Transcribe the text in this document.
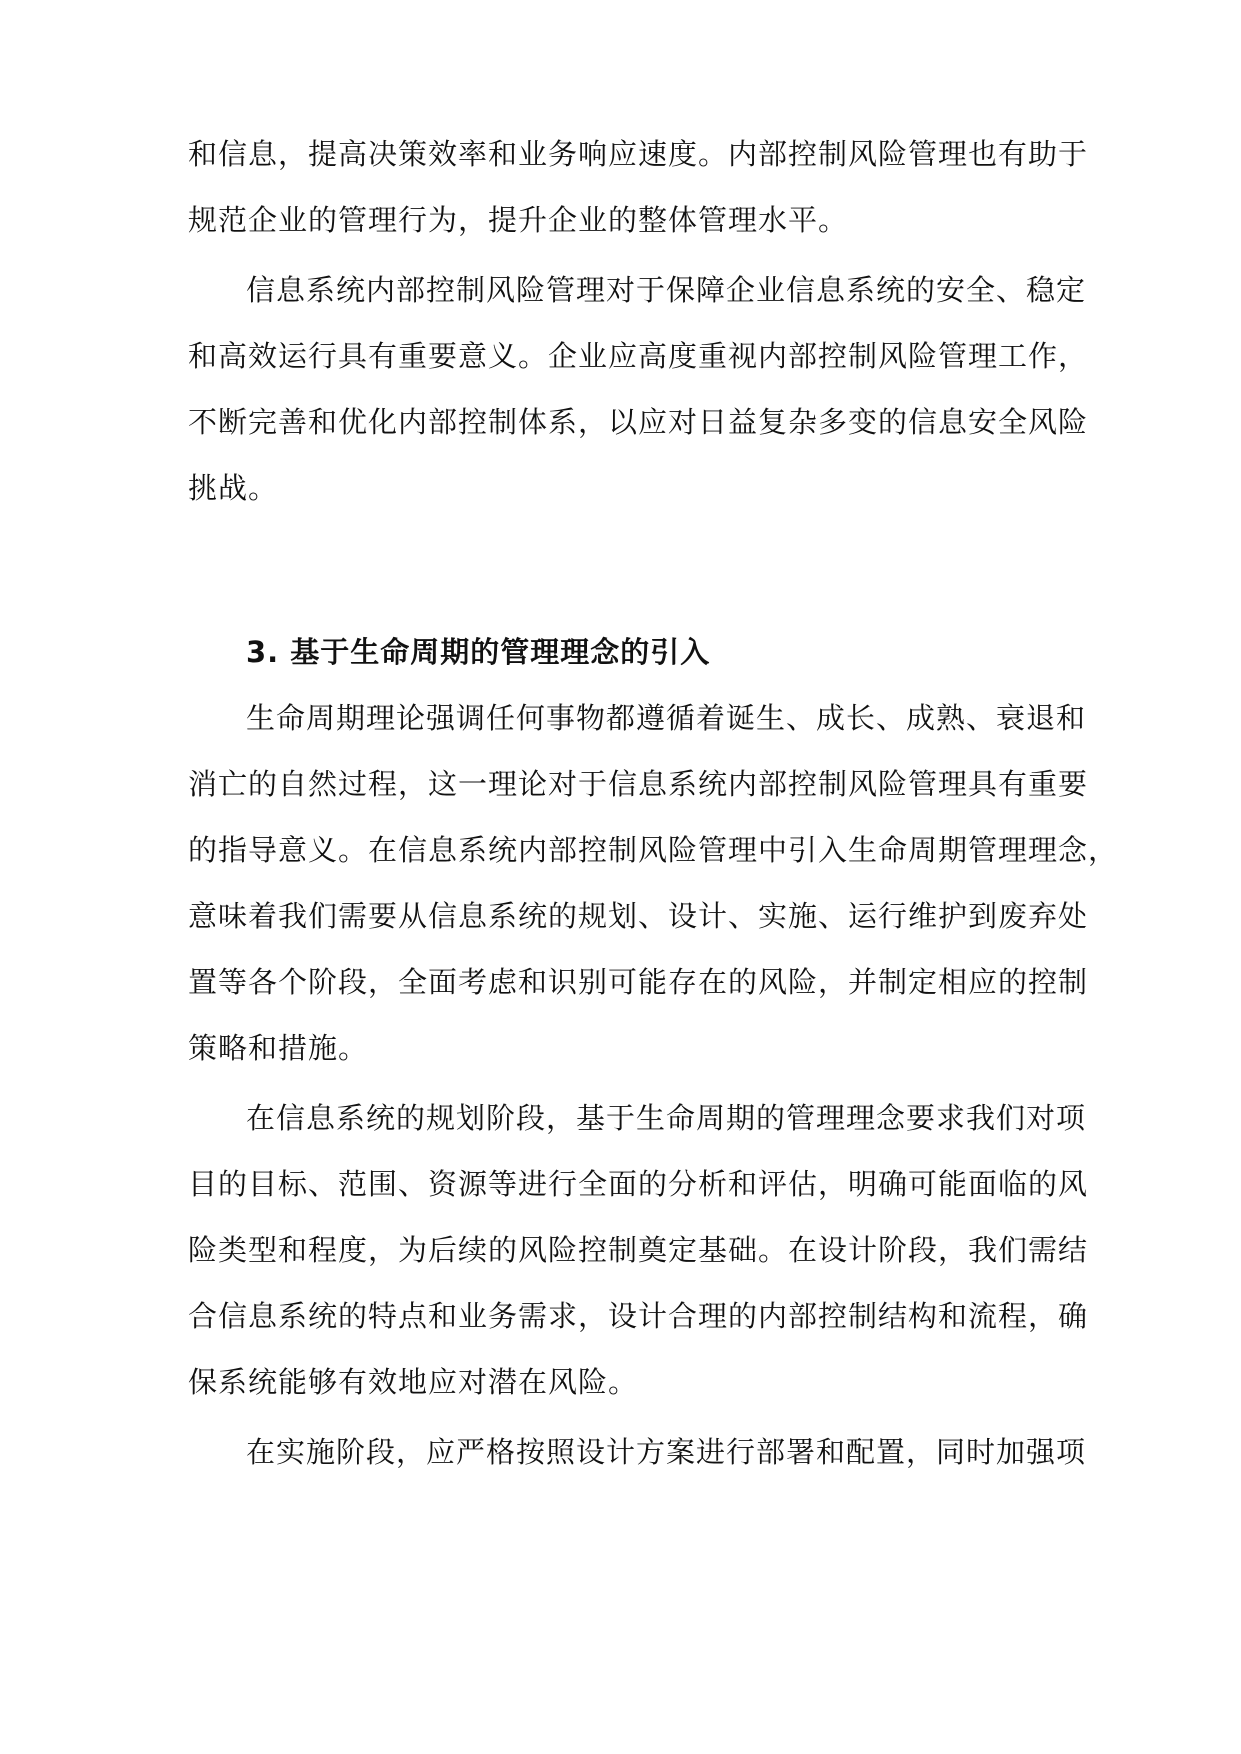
和信息，提高决策效率和业务响应速度。内部控制风险管理也有助于
规范企业的管理行为，提升企业的整体管理水平。
信息系统内部控制风险管理对于保障企业信息系统的安全、稳定
和高效运行具有重要意义。企业应高度重视内部控制风险管理工作，
不断完善和优化内部控制体系，以应对日益复杂多变的信息安全风险
挑战。
3. 基于生命周期的管理理念的引入
生命周期理论强调任何事物都遵循着诞生、成长、成熟、衰退和
消亡的自然过程，这一理论对于信息系统内部控制风险管理具有重要
的指导意义。在信息系统内部控制风险管理中引入生命周期管理理念，
意味着我们需要从信息系统的规划、设计、实施、运行维护到废弃处
置等各个阶段，全面考虑和识别可能存在的风险，并制定相应的控制
策略和措施。
在信息系统的规划阶段，基于生命周期的管理理念要求我们对项
目的目标、范围、资源等进行全面的分析和评估，明确可能面临的风
险类型和程度，为后续的风险控制奠定基础。在设计阶段，我们需结
合信息系统的特点和业务需求，设计合理的内部控制结构和流程，确
保系统能够有效地应对潜在风险。
在实施阶段，应严格按照设计方案进行部署和配置，同时加强项
